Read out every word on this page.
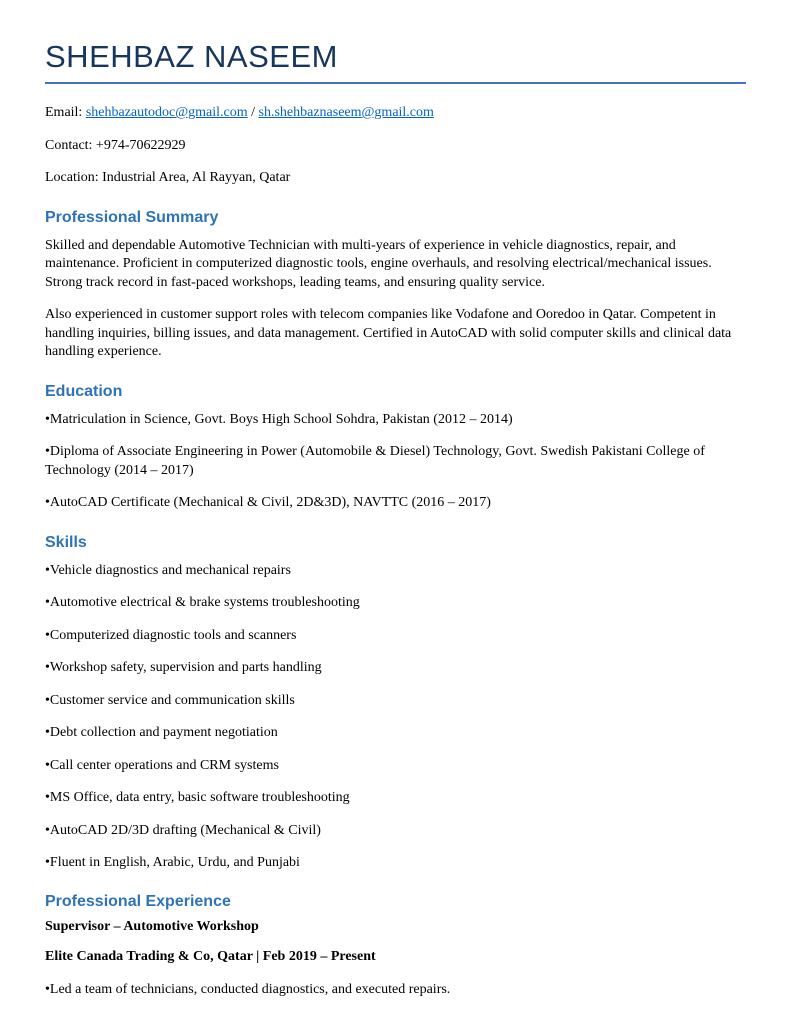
SHEHBAZ NASEEM

Email: shehbazautodoc@gmail.com / sh.shehbaznaseem@gmail.com

Contact: +974-70622929

Location: Industrial Area, Al Rayyan, Qatar

Professional Summary

Skilled and dependable Automotive Technician with multi-years of experience in vehicle diagnostics, repair, and maintenance. Proficient in computerized diagnostic tools, engine overhauls, and resolving electrical/mechanical issues. Strong track record in fast-paced workshops, leading teams, and ensuring quality service.

Also experienced in customer support roles with telecom companies like Vodafone and Ooredoo in Qatar. Competent in handling inquiries, billing issues, and data management. Certified in AutoCAD with solid computer skills and clinical data handling experience.

Education

• Matriculation in Science, Govt. Boys High School Sohdra, Pakistan (2012 – 2014)

• Diploma of Associate Engineering in Power (Automobile & Diesel) Technology, Govt. Swedish Pakistani College of Technology (2014 – 2017)

• AutoCAD Certificate (Mechanical & Civil, 2D&3D), NAVTTC (2016 – 2017)

Skills

• Vehicle diagnostics and mechanical repairs

• Automotive electrical & brake systems troubleshooting

• Computerized diagnostic tools and scanners

• Workshop safety, supervision and parts handling

• Customer service and communication skills

• Debt collection and payment negotiation

• Call center operations and CRM systems

• MS Office, data entry, basic software troubleshooting

• AutoCAD 2D/3D drafting (Mechanical & Civil)

• Fluent in English, Arabic, Urdu, and Punjabi

Professional Experience

Supervisor – Automotive Workshop

Elite Canada Trading & Co, Qatar | Feb 2019 – Present

• Led a team of technicians, conducted diagnostics, and executed repairs.
